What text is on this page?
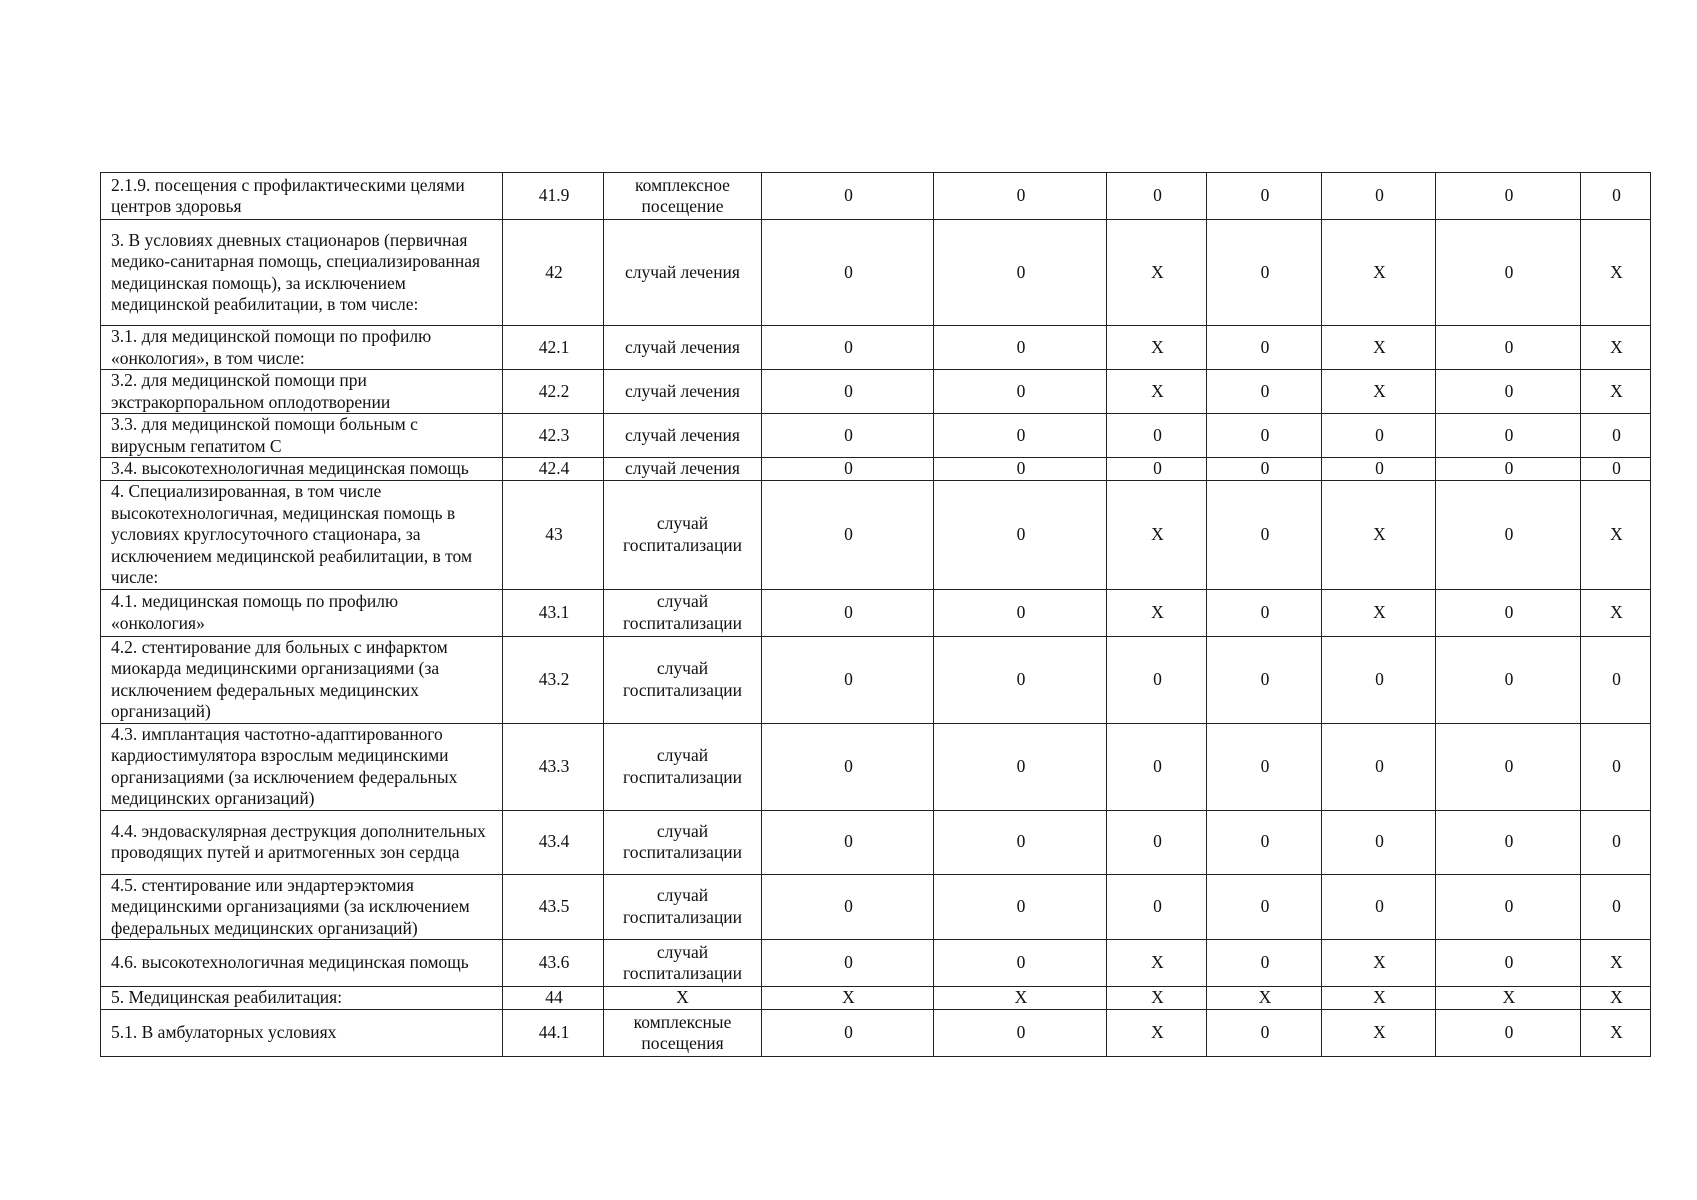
2.1.9. посещения с профилактическими целями центров здоровья	41.9	комплексное посещение	0	0	0	0	0	0	0
3. В условиях дневных стационаров (первичная медико-санитарная помощь, специализированная медицинская помощь), за исключением медицинской реабилитации, в том числе:	42	случай лечения	0	0	X	0	X	0	X
3.1. для медицинской помощи по профилю «онкология», в том числе:	42.1	случай лечения	0	0	X	0	X	0	X
3.2. для медицинской помощи при экстракорпоральном оплодотворении	42.2	случай лечения	0	0	X	0	X	0	X
3.3. для медицинской помощи больным с вирусным гепатитом С	42.3	случай лечения	0	0	0	0	0	0	0
3.4. высокотехнологичная медицинская помощь	42.4	случай лечения	0	0	0	0	0	0	0
4. Специализированная, в том числе высокотехнологичная, медицинская помощь в условиях круглосуточного стационара, за исключением медицинской реабилитации, в том числе:	43	случай госпитализации	0	0	X	0	X	0	X
4.1. медицинская помощь по профилю «онкология»	43.1	случай госпитализации	0	0	X	0	X	0	X
4.2. стентирование для больных с инфарктом миокарда медицинскими организациями (за исключением федеральных медицинских организаций)	43.2	случай госпитализации	0	0	0	0	0	0	0
4.3. имплантация частотно-адаптированного кардиостимулятора взрослым медицинскими организациями (за исключением федеральных медицинских организаций)	43.3	случай госпитализации	0	0	0	0	0	0	0
4.4. эндоваскулярная деструкция дополнительных проводящих путей и аритмогенных зон сердца	43.4	случай госпитализации	0	0	0	0	0	0	0
4.5. стентирование или эндартерэктомия медицинскими организациями (за исключением федеральных медицинских организаций)	43.5	случай госпитализации	0	0	0	0	0	0	0
4.6. высокотехнологичная медицинская помощь	43.6	случай госпитализации	0	0	X	0	X	0	X
5. Медицинская реабилитация:	44	X	X	X	X	X	X	X	X
5.1. В амбулаторных условиях	44.1	комплексные посещения	0	0	X	0	X	0	X
